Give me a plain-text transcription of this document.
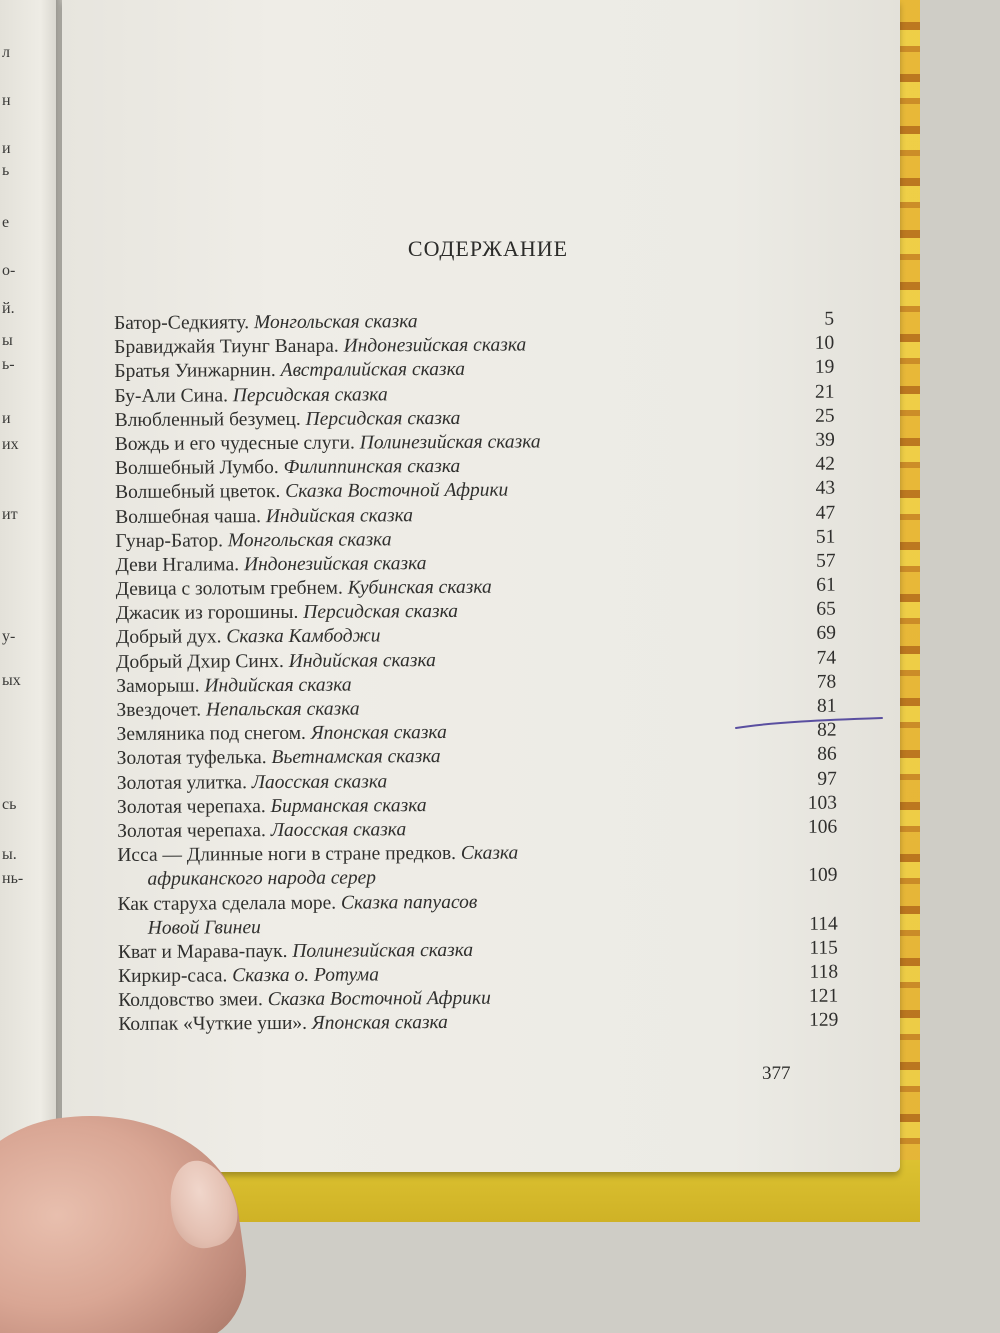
л
н
и
ь
е
о-
й.
ы
ь-
и
их
ит
у-
ых
сь
ы.
нь-
СОДЕРЖАНИЕ
Батор-Седкияту. Монгольская сказка	5
Бравиджайя Тиунг Ванара. Индонезийская сказка	10
Братья Уинжарнин. Австралийская сказка	19
Бу-Али Сина. Персидская сказка	21
Влюбленный безумец. Персидская сказка	25
Вождь и его чудесные слуги. Полинезийская сказка	39
Волшебный Лумбо. Филиппинская сказка	42
Волшебный цветок. Сказка Восточной Африки	43
Волшебная чаша. Индийская сказка	47
Гунар-Батор. Монгольская сказка	51
Деви Нгалима. Индонезийская сказка	57
Девица с золотым гребнем. Кубинская сказка	61
Джасик из горошины. Персидская сказка	65
Добрый дух. Сказка Камбоджи	69
Добрый Дхир Синх. Индийская сказка	74
Заморыш. Индийская сказка	78
Звездочет. Непальская сказка	81
Земляника под снегом. Японская сказка	82
Золотая туфелька. Вьетнамская сказка	86
Золотая улитка. Лаосская сказка	97
Золотая черепаха. Бирманская сказка	103
Золотая черепаха. Лаосская сказка	106
Исса — Длинные ноги в стране предков. Сказка
африканского народа серер	109
Как старуха сделала море. Сказка папуасов
Новой Гвинеи	114
Кват и Марава-паук. Полинезийская сказка	115
Киркир-саса. Сказка о. Ротума	118
Колдовство змеи. Сказка Восточной Африки	121
Колпак «Чуткие уши». Японская сказка	129
377
